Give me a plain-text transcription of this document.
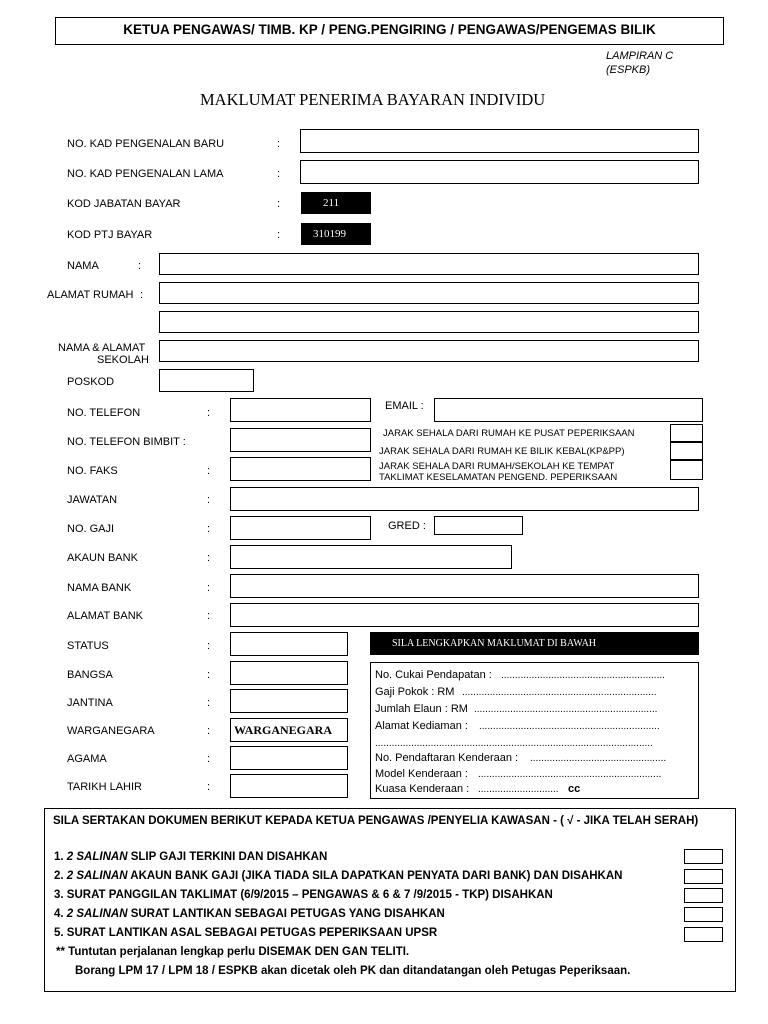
KETUA PENGAWAS/ TIMB. KP / PENG.PENGIRING / PENGAWAS/PENGEMAS BILIK
LAMPIRAN C
(ESPKB)
MAKLUMAT PENERIMA BAYARAN INDIVIDU
NO. KAD PENGENALAN BARU	:
NO. KAD PENGENALAN LAMA	:
KOD JABATAN BAYAR	:	211
KOD PTJ BAYAR	:	310199
NAMA	:
ALAMAT RUMAH :
NAMA & ALAMAT
SEKOLAH
POSKOD
NO. TELEFON	:
EMAIL :
NO. TELEFON BIMBIT :
JARAK SEHALA DARI RUMAH KE PUSAT PEPERIKSAAN
JARAK SEHALA DARI RUMAH KE BILIK KEBAL(KP&PP)
JARAK SEHALA DARI RUMAH/SEKOLAH KE TEMPAT
TAKLIMAT KESELAMATAN PENGEND. PEPERIKSAAN
NO. FAKS	:
JAWATAN	:
NO. GAJI	:	GRED :
AKAUN BANK	:
NAMA BANK	:
ALAMAT BANK	:
STATUS	:	SILA LENGKAPKAN MAKLUMAT DI BAWAH
No. Cukai Pendapatan : ...........................................................
Gaji Pokok : RM ......................................................................
Jumlah Elaun : RM ..................................................................
Alamat Kediaman : .................................................................
....................................................................................................
No. Pendaftaran Kenderaan : .................................................
Model Kenderaan : ..................................................................
Kuasa Kenderaan : ............................. cc
BANGSA	:
JANTINA	:
WARGANEGARA	:	WARGANEGARA
AGAMA	:
TARIKH LAHIR	:
SILA SERTAKAN DOKUMEN BERIKUT KEPADA KETUA PENGAWAS /PENYELIA KAWASAN - ( √ - JIKA TELAH SERAH)
1. 2 SALINAN SLIP GAJI TERKINI DAN DISAHKAN
2. 2 SALINAN AKAUN BANK GAJI (JIKA TIADA SILA DAPATKAN PENYATA DARI BANK) DAN DISAHKAN
3. SURAT PANGGILAN TAKLIMAT (6/9/2015 – PENGAWAS & 6 & 7 /9/2015 - TKP) DISAHKAN
4. 2 SALINAN SURAT LANTIKAN SEBAGAI PETUGAS YANG DISAHKAN
5. SURAT LANTIKAN ASAL SEBAGAI PETUGAS PEPERIKSAAN UPSR
** Tuntutan perjalanan lengkap perlu DISEMAK DEN GAN TELITI.
Borang LPM 17 / LPM 18 / ESPKB akan dicetak oleh PK dan ditandatangan oleh Petugas Peperiksaan.
